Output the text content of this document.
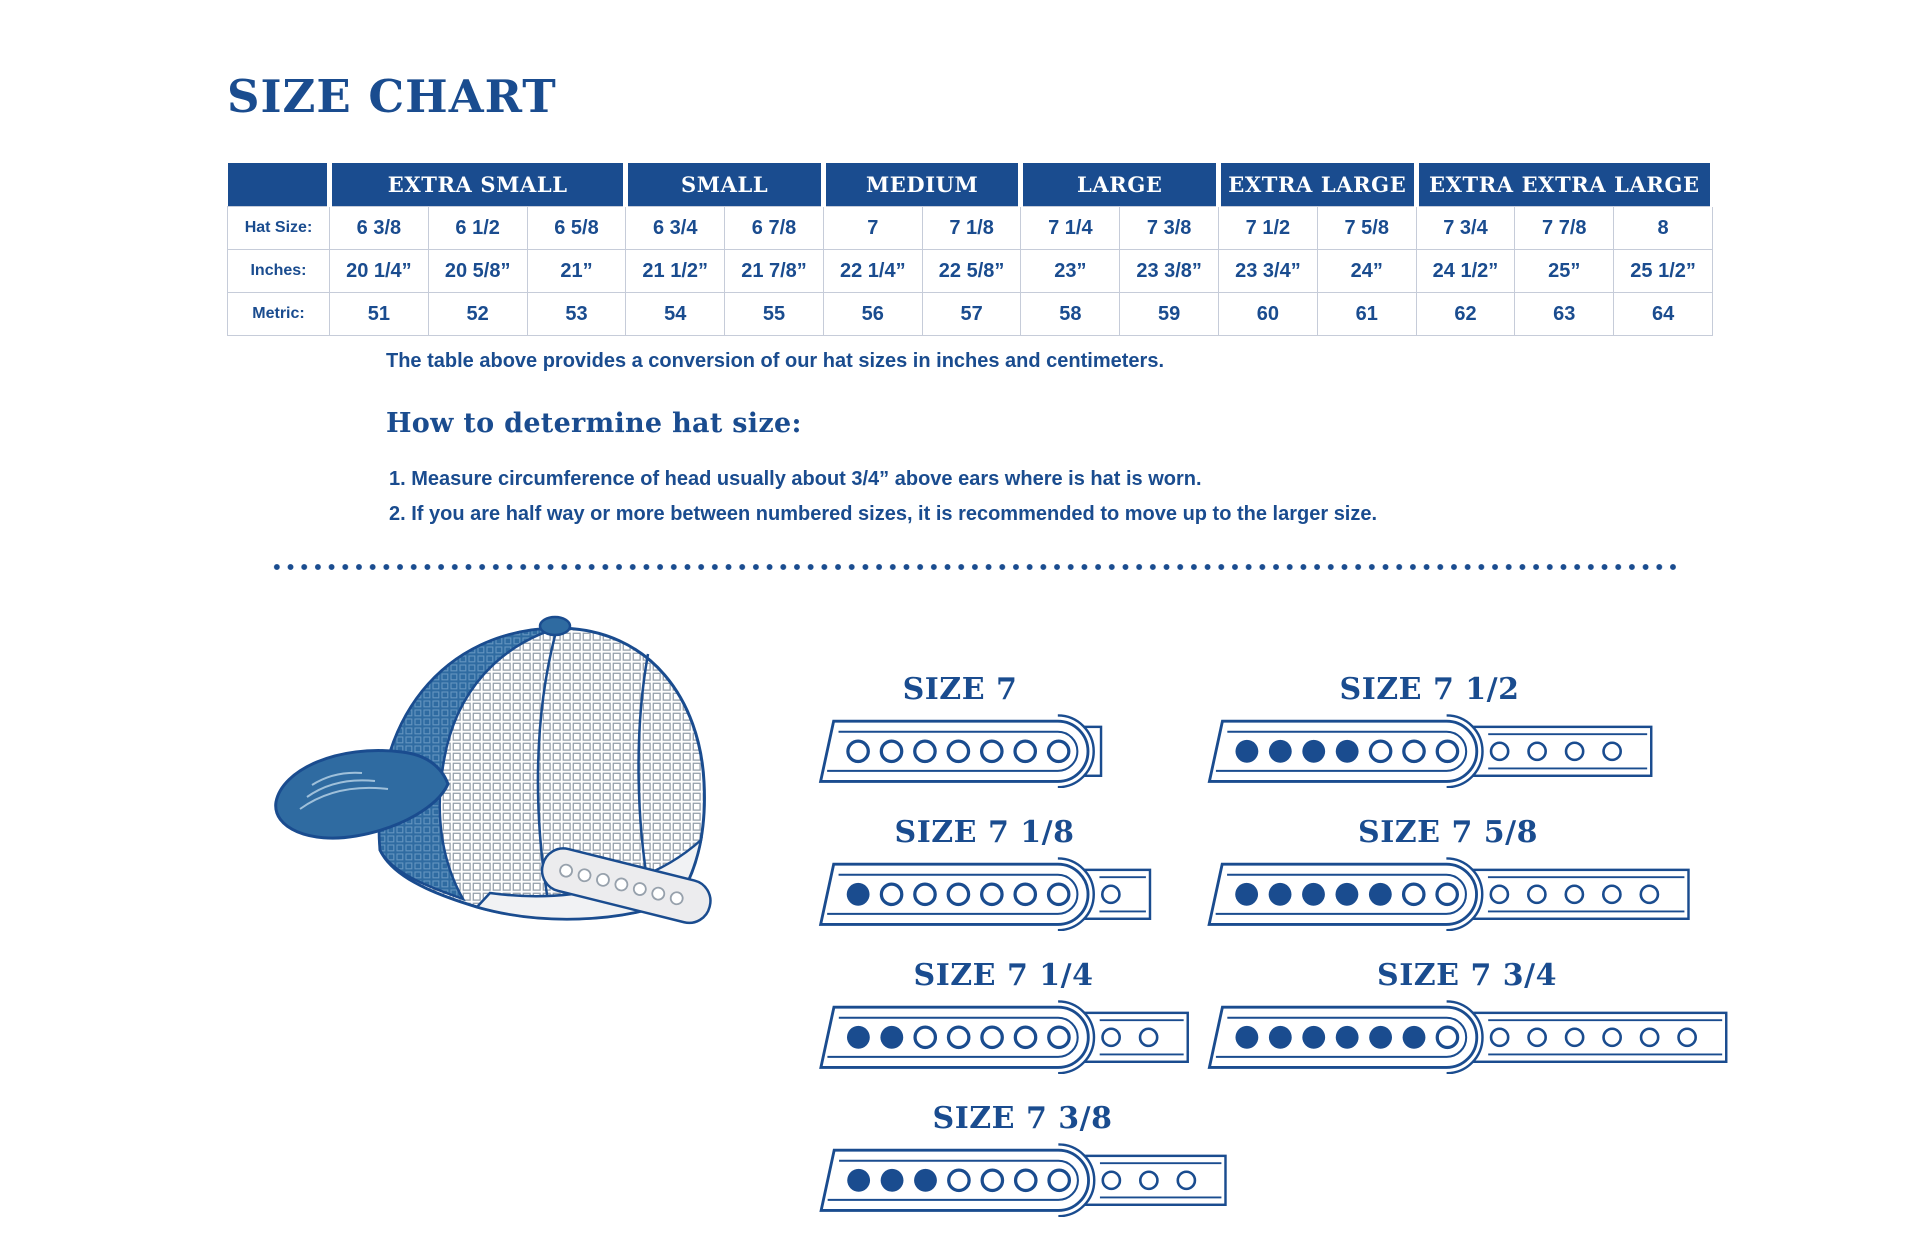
SIZE CHART
	EXTRA SMALL			SMALL		MEDIUM		LARGE		EXTRA LARGE		EXTRA EXTRA LARGE		
Hat Size:	6 3/8	6 1/2	6 5/8	6 3/4	6 7/8	7	7 1/8	7 1/4	7 3/8	7 1/2	7 5/8	7 3/4	7 7/8	8
Inches:	20 1/4”	20 5/8”	21”	21 1/2”	21 7/8”	22 1/4”	22 5/8”	23”	23 3/8”	23 3/4”	24”	24 1/2”	25”	25 1/2”
Metric:	51	52	53	54	55	56	57	58	59	60	61	62	63	64
The table above provides a conversion of our hat sizes in inches and centimeters.
How to determine hat size:
1. Measure circumference of head usually about 3/4” above ears where is hat is worn.
2. If you are half way or more between numbered sizes, it is recommended to move up to the larger size.
SIZE 7
SIZE 7 1/8
SIZE 7 1/4
SIZE 7 3/8
SIZE 7 1/2
SIZE 7 5/8
SIZE 7 3/4
